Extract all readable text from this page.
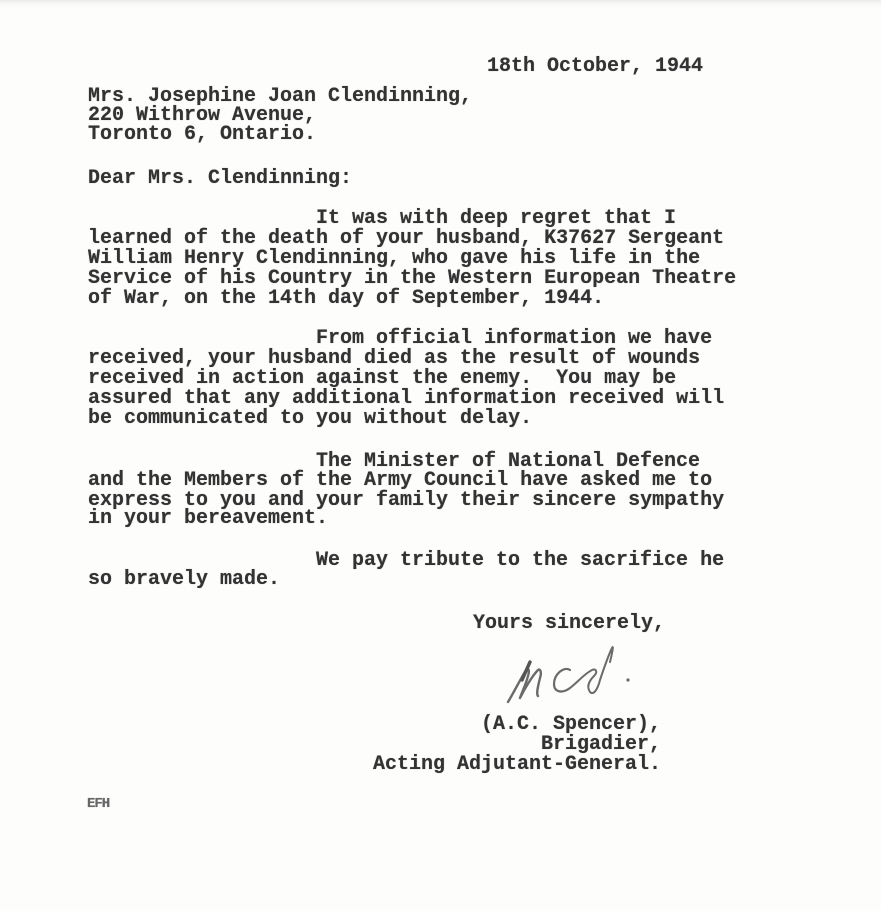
18th October, 1944
Mrs. Josephine Joan Clendinning,
220 Withrow Avenue,
Toronto 6, Ontario.
Dear Mrs. Clendinning:
It was with deep regret that I
learned of the death of your husband, K37627 Sergeant
William Henry Clendinning, who gave his life in the
Service of his Country in the Western European Theatre
of War, on the 14th day of September, 1944.
From official information we have
received, your husband died as the result of wounds
received in action against the enemy.  You may be
assured that any additional information received will
be communicated to you without delay.
The Minister of National Defence
and the Members of the Army Council have asked me to
express to you and your family their sincere sympathy
in your bereavement.
We pay tribute to the sacrifice he
so bravely made.
Yours sincerely,
(A.C. Spencer),
Brigadier,
Acting Adjutant-General.
EFH
